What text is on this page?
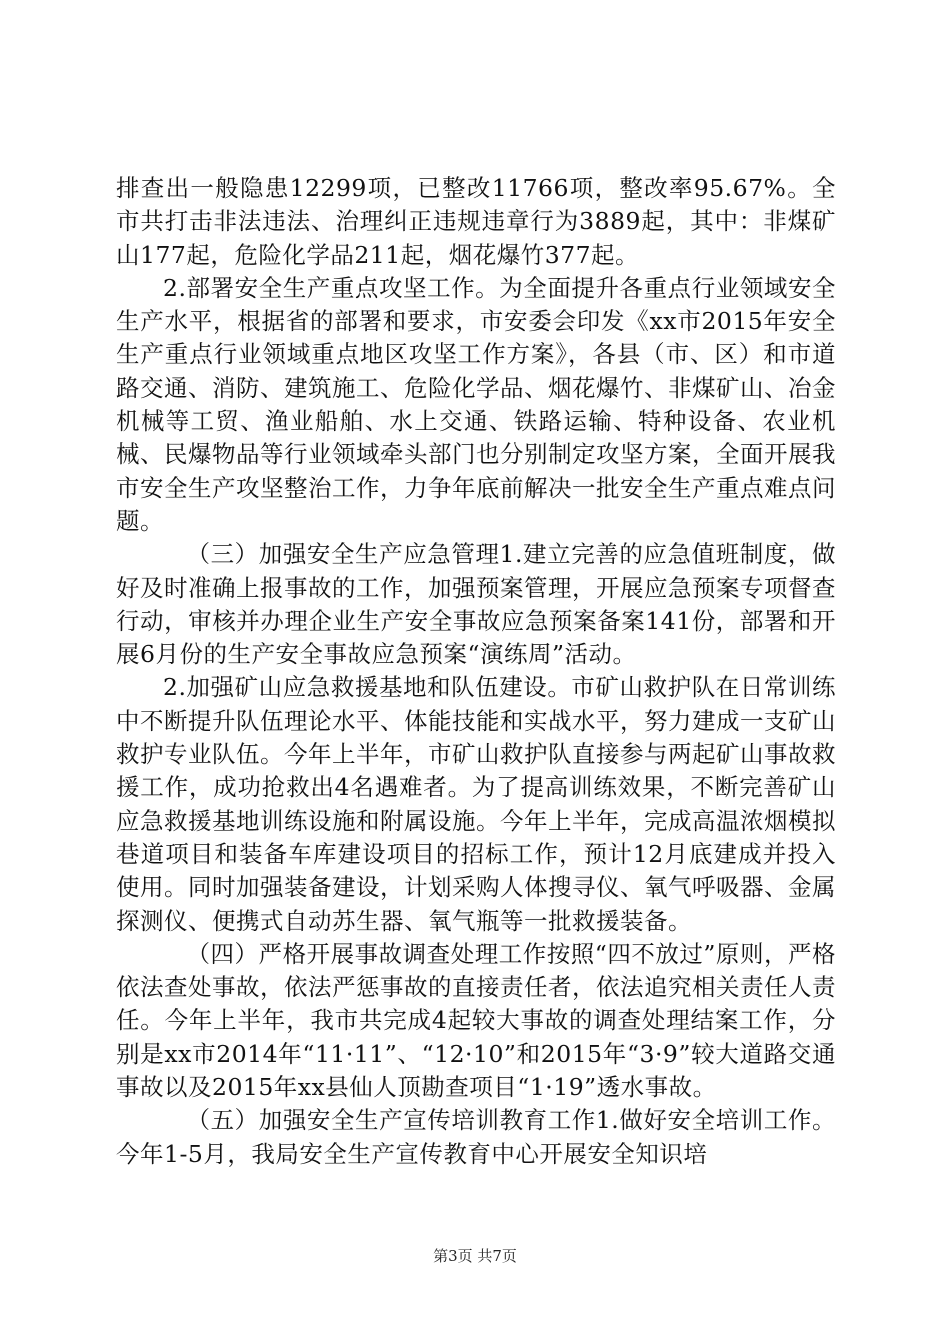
排查出一般隐患12299项，已整改11766项，整改率95.67%。全市共打击非法违法、治理纠正违规违章行为3889起，其中：非煤矿山177起，危险化学品211起，烟花爆竹377起。

2.部署安全生产重点攻坚工作。为全面提升各重点行业领域安全生产水平，根据省的部署和要求，市安委会印发《xx市2015年安全生产重点行业领域重点地区攻坚工作方案》，各县（市、区）和市道路交通、消防、建筑施工、危险化学品、烟花爆竹、非煤矿山、冶金机械等工贸、渔业船舶、水上交通、铁路运输、特种设备、农业机械、民爆物品等行业领域牵头部门也分别制定攻坚方案，全面开展我市安全生产攻坚整治工作，力争年底前解决一批安全生产重点难点问题。

（三）加强安全生产应急管理1.建立完善的应急值班制度，做好及时准确上报事故的工作，加强预案管理，开展应急预案专项督查行动，审核并办理企业生产安全事故应急预案备案141份，部署和开展6月份的生产安全事故应急预案“演练周”活动。

2.加强矿山应急救援基地和队伍建设。市矿山救护队在日常训练中不断提升队伍理论水平、体能技能和实战水平，努力建成一支矿山救护专业队伍。今年上半年，市矿山救护队直接参与两起矿山事故救援工作，成功抢救出4名遇难者。为了提高训练效果，不断完善矿山应急救援基地训练设施和附属设施。今年上半年，完成高温浓烟模拟巷道项目和装备车库建设项目的招标工作，预计12月底建成并投入使用。同时加强装备建设，计划采购人体搜寻仪、氧气呼吸器、金属探测仪、便携式自动苏生器、氧气瓶等一批救援装备。

（四）严格开展事故调查处理工作按照“四不放过”原则，严格依法查处事故，依法严惩事故的直接责任者，依法追究相关责任人责任。今年上半年，我市共完成4起较大事故的调查处理结案工作，分别是xx市2014年“11·11”、“12·10”和2015年“3·9”较大道路交通事故以及2015年xx县仙人顶勘查项目“1·19”透水事故。

（五）加强安全生产宣传培训教育工作1.做好安全培训工作。今年1-5月，我局安全生产宣传教育中心开展安全知识培

第3页 共7页
